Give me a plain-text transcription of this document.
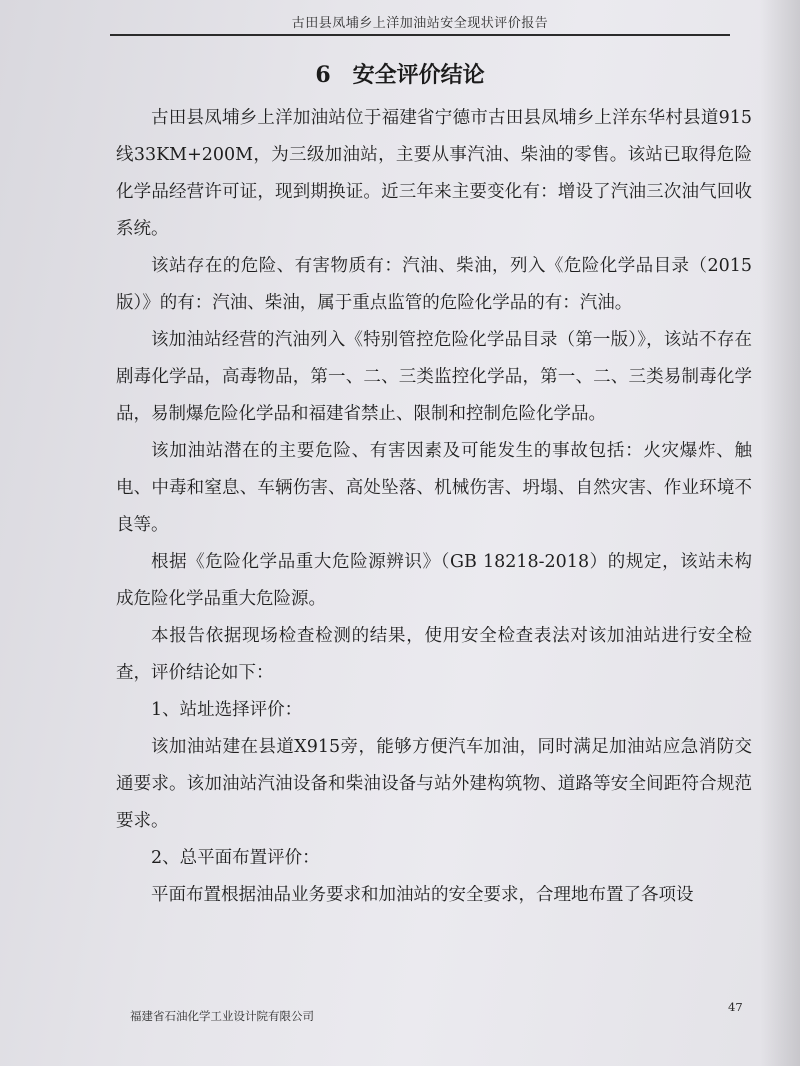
古田县凤埔乡上洋加油站安全现状评价报告
6 安全评价结论

古田县凤埔乡上洋加油站位于福建省宁德市古田县凤埔乡上洋东华村县道915线33KM+200M，为三级加油站，主要从事汽油、柴油的零售。该站已取得危险化学品经营许可证，现到期换证。近三年来主要变化有：增设了汽油三次油气回收系统。

该站存在的危险、有害物质有：汽油、柴油，列入《危险化学品目录（2015版）》的有：汽油、柴油，属于重点监管的危险化学品的有：汽油。

该加油站经营的汽油列入《特别管控危险化学品目录（第一版）》，该站不存在剧毒化学品，高毒物品，第一、二、三类监控化学品，第一、二、三类易制毒化学品，易制爆危险化学品和福建省禁止、限制和控制危险化学品。

该加油站潜在的主要危险、有害因素及可能发生的事故包括：火灾爆炸、触电、中毒和窒息、车辆伤害、高处坠落、机械伤害、坍塌、自然灾害、作业环境不良等。

根据《危险化学品重大危险源辨识》（GB 18218-2018）的规定，该站未构成危险化学品重大危险源。

本报告依据现场检查检测的结果，使用安全检查表法对该加油站进行安全检查，评价结论如下：

1、站址选择评价：

该加油站建在县道X915旁，能够方便汽车加油，同时满足加油站应急消防交通要求。该加油站汽油设备和柴油设备与站外建构筑物、道路等安全间距符合规范要求。

2、总平面布置评价：

平面布置根据油品业务要求和加油站的安全要求，合理地布置了各项设

福建省石油化学工业设计院有限公司
47
